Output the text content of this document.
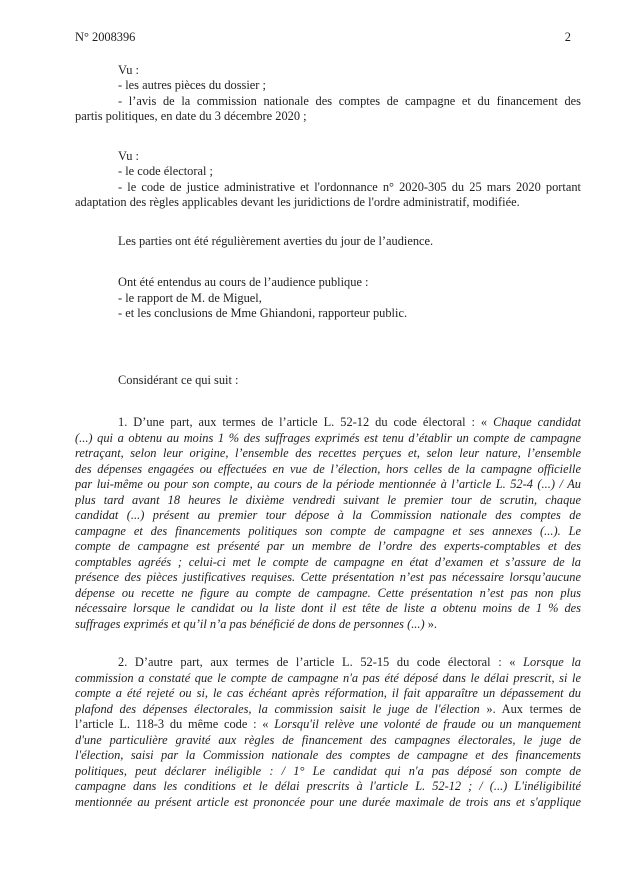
N° 2008396	2
Vu :
- les autres pièces du dossier ;
- l’avis de la commission nationale des comptes de campagne et du financement des
partis politiques, en date du 3 décembre 2020 ;
Vu :
- le code électoral ;
- le code de justice administrative et l'ordonnance n° 2020-305 du 25 mars 2020 portant
adaptation des règles applicables devant les juridictions de l'ordre administratif, modifiée.
Les parties ont été régulièrement averties du jour de l’audience.
Ont été entendus au cours de l’audience publique :
- le rapport de M. de Miguel,
- et les conclusions de Mme Ghiandoni, rapporteur public.
Considérant ce qui suit :
1. D’une part, aux termes de l’article L. 52-12 du code électoral : « Chaque candidat
(...) qui a obtenu au moins 1 % des suffrages exprimés est tenu d’établir un compte de campagne
retraçant, selon leur origine, l’ensemble des recettes perçues et, selon leur nature, l’ensemble
des dépenses engagées ou effectuées en vue de l’élection, hors celles de la campagne officielle
par lui-même ou pour son compte, au cours de la période mentionnée à l’article L. 52-4 (...) / Au
plus tard avant 18 heures le dixième vendredi suivant le premier tour de scrutin, chaque
candidat (...) présent au premier tour dépose à la Commission nationale des comptes de
campagne et des financements politiques son compte de campagne et ses annexes (...). Le
compte de campagne est présenté par un membre de l’ordre des experts-comptables et des
comptables agréés ; celui-ci met le compte de campagne en état d’examen et s’assure de la
présence des pièces justificatives requises. Cette présentation n’est pas nécessaire lorsqu’aucune
dépense ou recette ne figure au compte de campagne. Cette présentation n’est pas non plus
nécessaire lorsque le candidat ou la liste dont il est tête de liste a obtenu moins de 1 % des
suffrages exprimés et qu’il n’a pas bénéficié de dons de personnes (...) ».
2. D’autre part, aux termes de l’article L. 52-15 du code électoral : « Lorsque la
commission a constaté que le compte de campagne n'a pas été déposé dans le délai prescrit, si le
compte a été rejeté ou si, le cas échéant après réformation, il fait apparaître un dépassement du
plafond des dépenses électorales, la commission saisit le juge de l'élection ». Aux termes de
l’article L. 118-3 du même code : « Lorsqu'il relève une volonté de fraude ou un manquement
d'une particulière gravité aux règles de financement des campagnes électorales, le juge de
l'élection, saisi par la Commission nationale des comptes de campagne et des financements
politiques, peut déclarer inéligible : / 1° Le candidat qui n'a pas déposé son compte de
campagne dans les conditions et le délai prescrits à l'article L. 52-12 ; / (...) L'inéligibilité
mentionnée au présent article est prononcée pour une durée maximale de trois ans et s'applique
